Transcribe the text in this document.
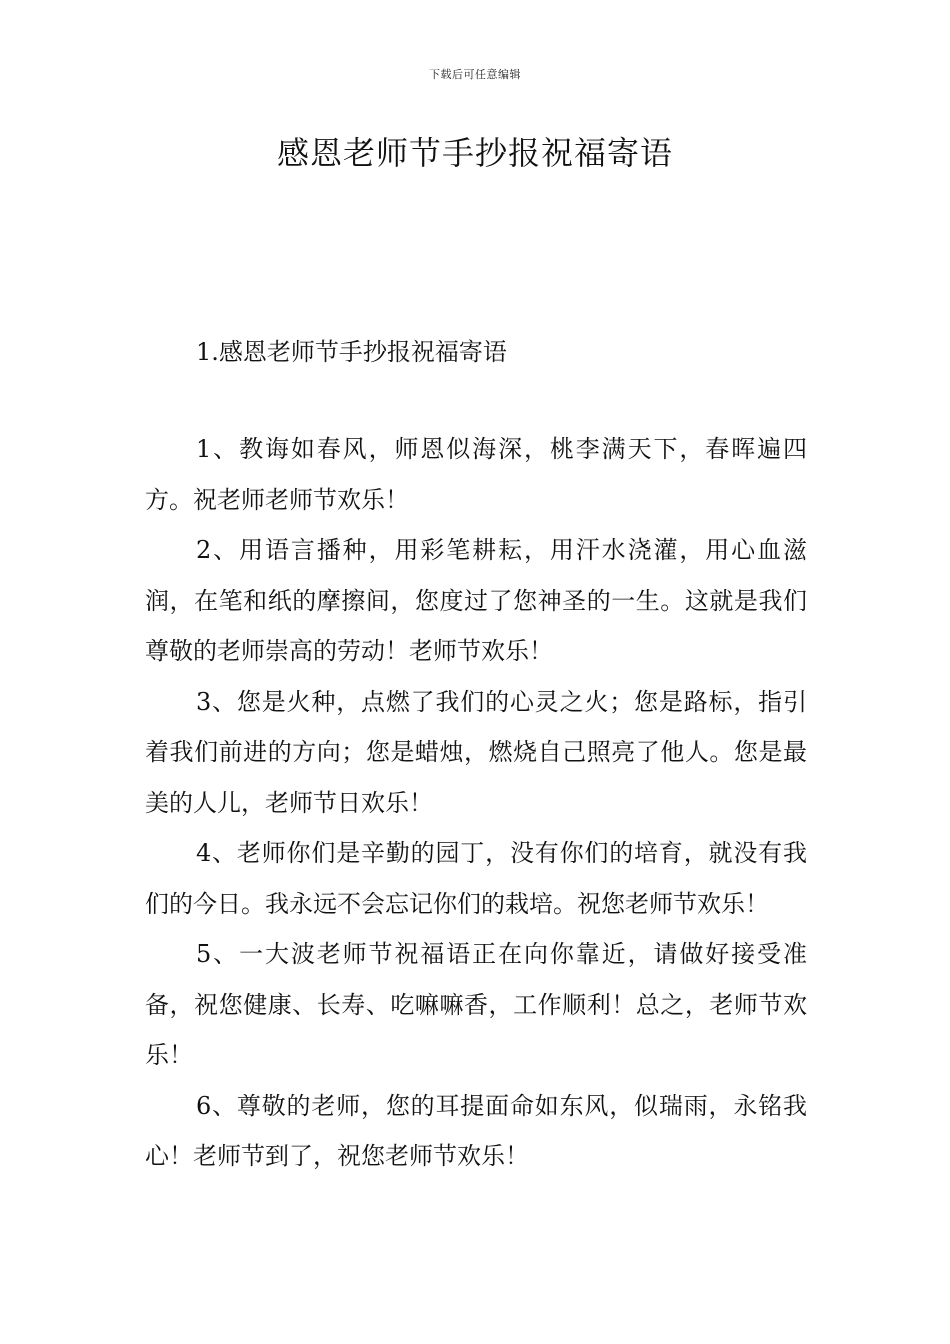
下载后可任意编辑
感恩老师节手抄报祝福寄语
1.感恩老师节手抄报祝福寄语

1、教诲如春风，师恩似海深，桃李满天下，春晖遍四方。祝老师老师节欢乐！

2、用语言播种，用彩笔耕耘，用汗水浇灌，用心血滋润，在笔和纸的摩擦间，您度过了您神圣的一生。这就是我们尊敬的老师崇高的劳动！老师节欢乐！

3、您是火种，点燃了我们的心灵之火；您是路标，指引着我们前进的方向；您是蜡烛，燃烧自己照亮了他人。您是最美的人儿，老师节日欢乐！

4、老师你们是辛勤的园丁，没有你们的培育，就没有我们的今日。我永远不会忘记你们的栽培。祝您老师节欢乐！

5、一大波老师节祝福语正在向你靠近，请做好接受准备，祝您健康、长寿、吃嘛嘛香，工作顺利！总之，老师节欢乐！

6、尊敬的老师，您的耳提面命如东风，似瑞雨，永铭我心！老师节到了，祝您老师节欢乐！
